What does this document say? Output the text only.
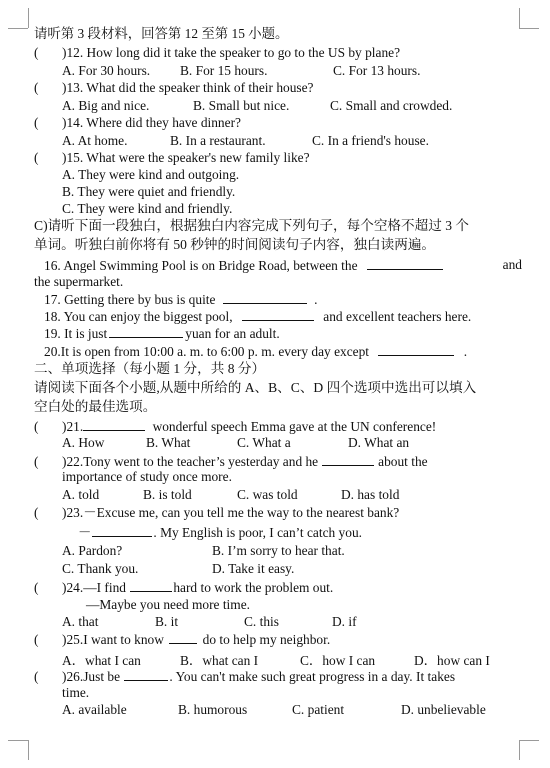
请听第 3 段材料，回答第 12 至第 15 小题。
( )12. How long did it take the speaker to go to the US by plane?
A. For 30 hours. B. For 15 hours.	C. For 13 hours.
( )13. What did the speaker think of their house?
A. Big and nice.	B. Small but nice.	C. Small and crowded.
( )14. Where did they have dinner?
A. At home.	B. In a restaurant.	C. In a friend's house.
( )15. What were the speaker's new family like?
A. They were kind and outgoing.
B. They were quiet and friendly.
C. They were kind and friendly.
C)请听下面一段独白，根据独白内容完成下列句子，每个空格不超过 3 个
单词。听独白前你将有 50 秒钟的时间阅读句子内容，独白读两遍。
16. Angel Swimming Pool is on Bridge Road, between the	and
the supermarket.
17. Getting there by bus is quite	.
18. You can enjoy the biggest pool,	and excellent teachers here.
19. It is just	yuan for an adult.
20.It is open from 10:00 a. m. to 6:00 p. m. every day except	.
二、单项选择（每小题 1 分，共 8 分）
请阅读下面各个小题,从题中所给的 A、B、C、D 四个选项中选出可以填入
空白处的最佳选项。
( )21.	wonderful speech Emma gave at the UN conference!
A. How	B. What	C. What a	D. What an
( )22.Tony went to the teacher’s yesterday and he	about the
importance of study once more.
A. told	B. is told	C. was told	D. has told
( )23.－Excuse me, can you tell me the way to the nearest bank?
－	. My English is poor, I can’t catch you.
A. Pardon?	B. I’m sorry to hear that.
C. Thank you.	D. Take it easy.
( )24.—I find	hard to work the problem out.
—Maybe you need more time.
A. that	B. it	C. this	D. if
( )25.I want to know	do to help my neighbor.
A．what I can	B．what can I	C．how I can	D．how can I
( )26.Just be	. You can't make such great progress in a day. It takes
time.
A. available	B. humorous	C. patient	D. unbelievable
